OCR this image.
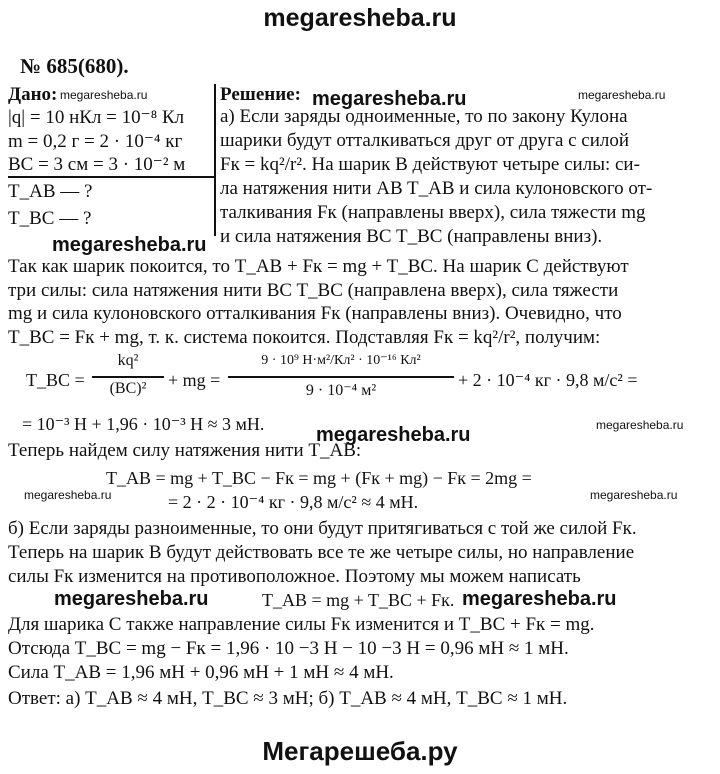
megaresheba.ru
№ 685(680).
Дано:
|q| = 10 нКл = 10⁻⁸ Кл
m = 0,2 г = 2 · 10⁻⁴ кг
BC = 3 см = 3 · 10⁻² м
T_AB — ?
T_BC — ?
Решение:
а) Если заряды одноименные, то по закону Кулона
шарики будут отталкиваться друг от друга с силой
Fк = kq²/r². На шарик B действуют четыре силы: си-
ла натяжения нити AB T_AB и сила кулоновского от-
талкивания Fк (направлены вверх), сила тяжести mg
и сила натяжения BC T_BC (направлены вниз).
Так как шарик покоится, то T_AB + Fк = mg + T_BC. На шарик С действуют
три силы: сила натяжения нити BC T_BC (направлена вверх), сила тяжести
mg и сила кулоновского отталкивания Fк (направлены вниз). Очевидно, что
T_BC = Fк + mg, т. к. система покоится. Подставляя Fк = kq²/r², получим:
T_BC =
kq²
(BC)²	+ mg =
9 · 10⁹ Н·м²/Кл² · 10⁻¹⁶ Кл²
9 · 10⁻⁴ м²
+ 2 · 10⁻⁴ кг · 9,8 м/с² =
= 10⁻³ Н + 1,96 · 10⁻³ Н ≈ 3 мН.
Теперь найдем силу натяжения нити T_AB:
T_AB = mg + T_BC − Fк = mg + (Fк + mg) − Fк = 2mg =
= 2 · 2 · 10⁻⁴ кг · 9,8 м/с² ≈ 4 мН.
б) Если заряды разноименные, то они будут притягиваться с той же силой Fк.
Теперь на шарик B будут действовать все те же четыре силы, но направление
силы Fк изменится на противоположное. Поэтому мы можем написать
T_AB = mg + T_BC + Fк.
Для шарика C также направление силы Fк изменится и T_BC + Fк = mg.
Отсюда T_BC = mg − Fк = 1,96 · 10 −3 Н − 10 −3 Н = 0,96 мН ≈ 1 мН.
Сила T_AB = 1,96 мН + 0,96 мН + 1 мН ≈ 4 мН.
Ответ: а) T_AB ≈ 4 мН, T_BC ≈ 3 мН; б) T_AB ≈ 4 мН, T_BC ≈ 1 мН.
megaresheba.ru
megaresheba.ru	megaresheba.ru
megaresheba.ru
megaresheba.ru	megaresheba.ru
megaresheba.ru	megaresheba.ru
megaresheba.ru	megaresheba.ru
Мегарешеба.ру
